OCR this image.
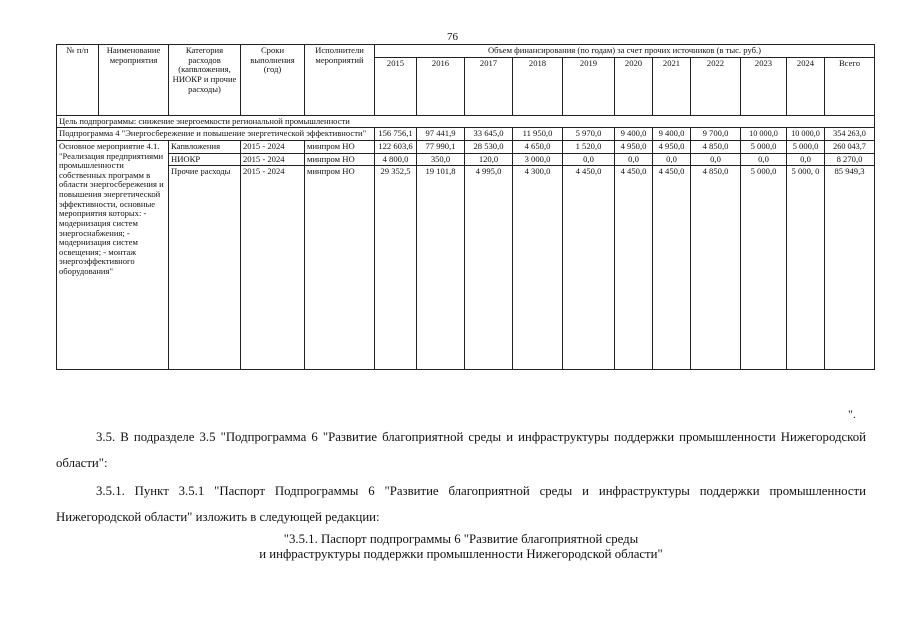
76
№ п/п	Наименование мероприятия	Категория расходов (капвложения, НИОКР и прочие расходы)	Сроки выполнения (год)	Исполнители мероприятий	Объем финансирования (по годам) за счет прочих источников (в тыс. руб.)										
					2015	2016	2017	2018	2019	2020	2021	2022	2023	2024	Всего
Цель подпрограммы: снижение энергоемкости региональной промышленности															
Подпрограмма 4 "Энергосбережение и повышение энергетической эффективности"					156 756,1	97 441,9	33 645,0	11 950,0	5 970,0	9 400,0	9 400,0	9 700,0	10 000,0	10 000,0	354 263,0
Основное мероприятие 4.1. "Реализация предприятиями промышленности собственных программ в области энергосбережения и повышения энергетической эффективности, основные мероприятия которых: - модернизация систем энергоснабжения; - модернизация систем освещения; - монтаж энергоэффективного оборудования"		Капвложения	2015 - 2024	минпром НО	122 603,6	77 990,1	28 530,0	4 650,0	1 520,0	4 950,0	4 950,0	4 850,0	5 000,0	5 000,0	260 043,7
		НИОКР	2015 - 2024	минпром НО	4 800,0	350,0	120,0	3 000,0	0,0	0,0	0,0	0,0	0,0	0,0	8 270,0
		Прочие расходы	2015 - 2024	минпром НО	29 352,5	19 101,8	4 995,0	4 300,0	4 450,0	4 450,0	4 450,0	4 850,0	5 000,0	5 000, 0	85 949,3
".
3.5. В подразделе 3.5 "Подпрограмма 6 "Развитие благоприятной среды и инфраструктуры поддержки промышленности Нижегородской области":
3.5.1. Пункт 3.5.1 "Паспорт Подпрограммы 6 "Развитие благоприятной среды и инфраструктуры поддержки промышленности Нижегородской области" изложить в следующей редакции:
"3.5.1. Паспорт подпрограммы 6 "Развитие благоприятной среды
и инфраструктуры поддержки промышленности Нижегородской области"
